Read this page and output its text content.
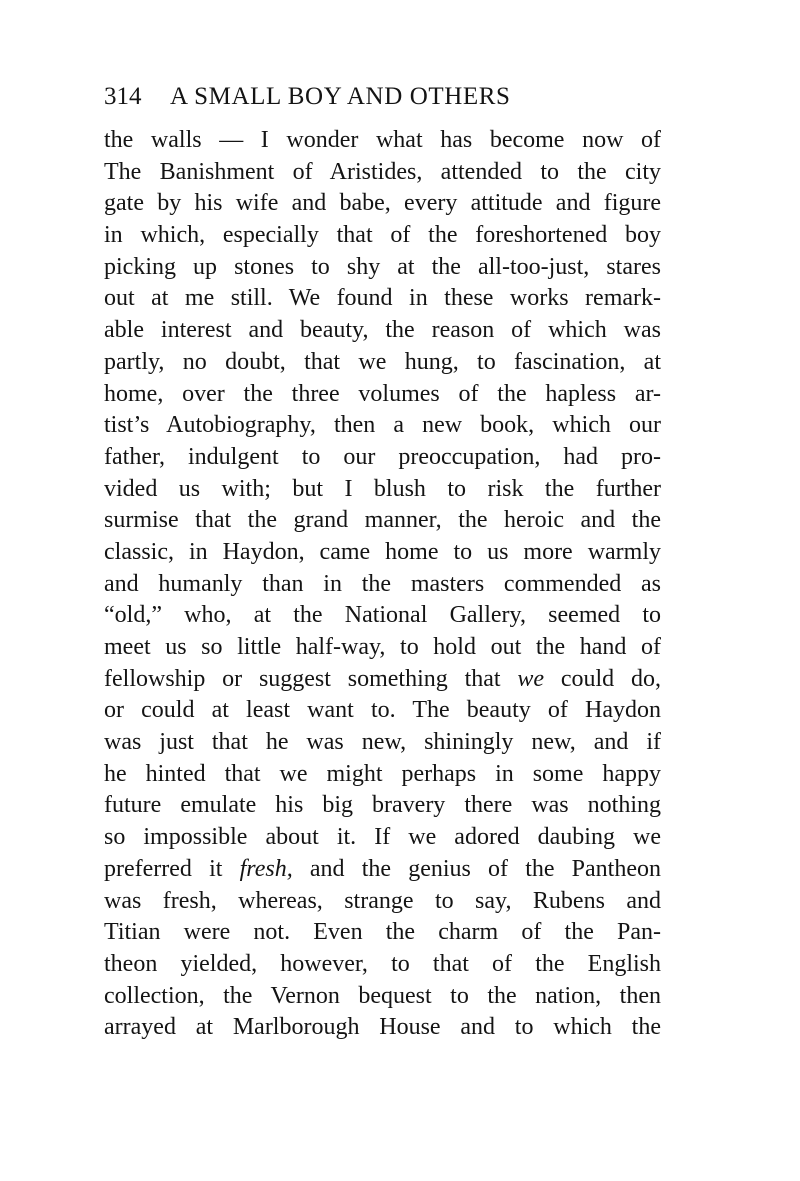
314 A SMALL BOY AND OTHERS
the walls — I wonder what has become now of
The Banishment of Aristides, attended to the city
gate by his wife and babe, every attitude and figure
in which, especially that of the foreshortened boy
picking up stones to shy at the all-too-just, stares
out at me still. We found in these works remark-
able interest and beauty, the reason of which was
partly, no doubt, that we hung, to fascination, at
home, over the three volumes of the hapless ar-
tist’s Autobiography, then a new book, which our
father, indulgent to our preoccupation, had pro-
vided us with; but I blush to risk the further
surmise that the grand manner, the heroic and the
classic, in Haydon, came home to us more warmly
and humanly than in the masters commended as
“old,” who, at the National Gallery, seemed to
meet us so little half-way, to hold out the hand of
fellowship or suggest something that we could do,
or could at least want to. The beauty of Haydon
was just that he was new, shiningly new, and if
he hinted that we might perhaps in some happy
future emulate his big bravery there was nothing
so impossible about it. If we adored daubing we
preferred it fresh, and the genius of the Pantheon
was fresh, whereas, strange to say, Rubens and
Titian were not. Even the charm of the Pan-
theon yielded, however, to that of the English
collection, the Vernon bequest to the nation, then
arrayed at Marlborough House and to which the
